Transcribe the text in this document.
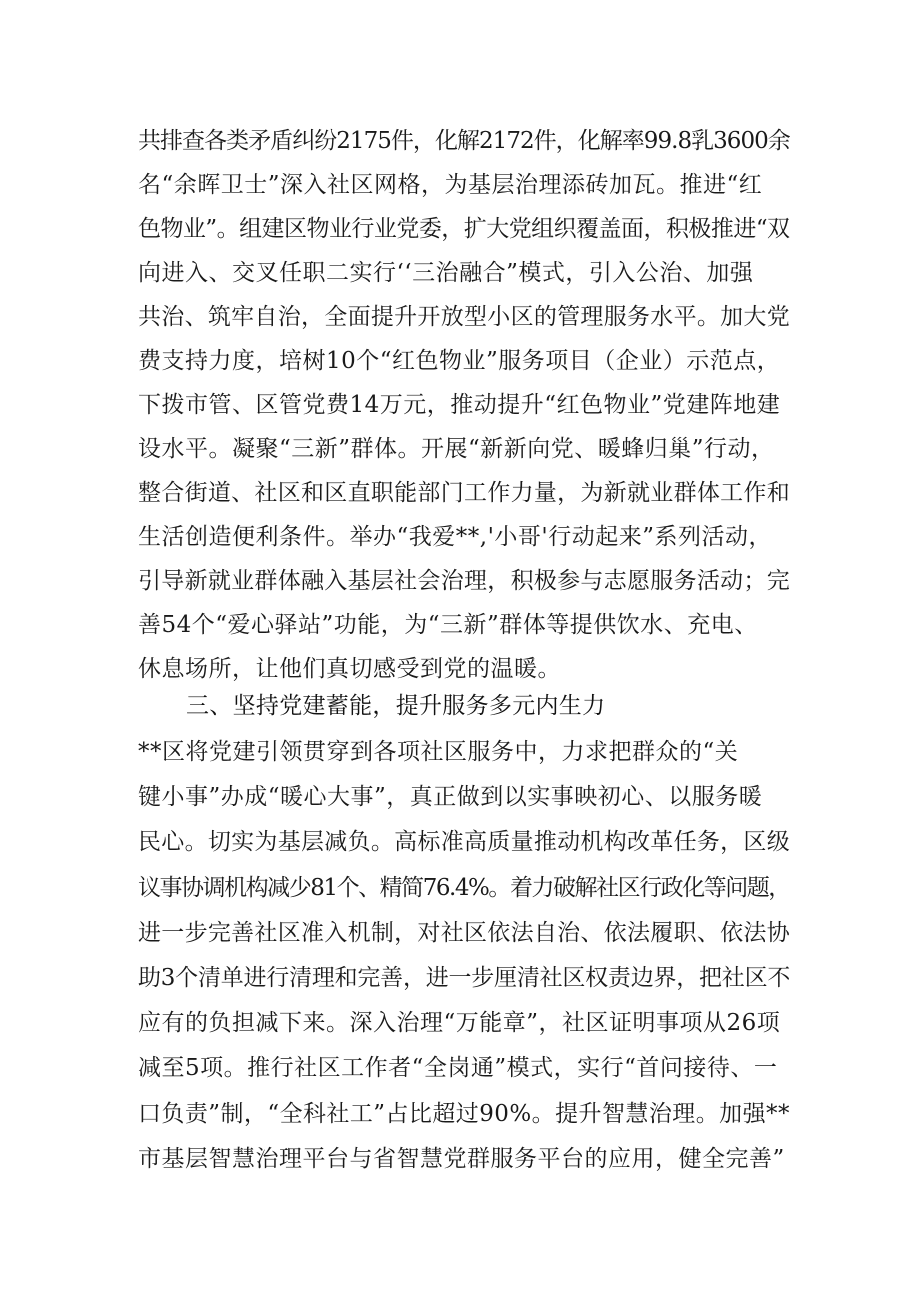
共排查各类矛盾纠纷2175件，化解2172件，化解率99.8乳3600余
名“余晖卫士”深入社区网格，为基层治理添砖加瓦。推进“红
色物业”。组建区物业行业党委，扩大党组织覆盖面，积极推进“双
向进入、交叉任职二实行‘‘三治融合”模式，引入公治、加强
共治、筑牢自治，全面提升开放型小区的管理服务水平。加大党
费支持力度，培树10个“红色物业”服务项目（企业）示范点，
下拨市管、区管党费14万元，推动提升“红色物业”党建阵地建
设水平。凝聚“三新”群体。开展“新新向党、暖蜂归巢”行动，
整合街道、社区和区直职能部门工作力量，为新就业群体工作和
生活创造便利条件。举办“我爱**,'小哥'行动起来”系列活动，
引导新就业群体融入基层社会治理，积极参与志愿服务活动；完
善54个“爱心驿站”功能，为“三新”群体等提供饮水、充电、
休息场所，让他们真切感受到党的温暖。
三、坚持党建蓄能，提升服务多元内生力
**区将党建引领贯穿到各项社区服务中，力求把群众的“关
键小事”办成“暖心大事”，真正做到以实事映初心、以服务暖
民心。切实为基层减负。高标准高质量推动机构改革任务，区级
议事协调机构减少81个、精简76.4%。着力破解社区行政化等问题，
进一步完善社区准入机制，对社区依法自治、依法履职、依法协
助3个清单进行清理和完善，进一步厘清社区权责边界，把社区不
应有的负担减下来。深入治理“万能章”，社区证明事项从26项
减至5项。推行社区工作者“全岗通”模式，实行“首问接待、一
口负责”制，“全科社工”占比超过90%。提升智慧治理。加强**
市基层智慧治理平台与省智慧党群服务平台的应用，健全完善”
